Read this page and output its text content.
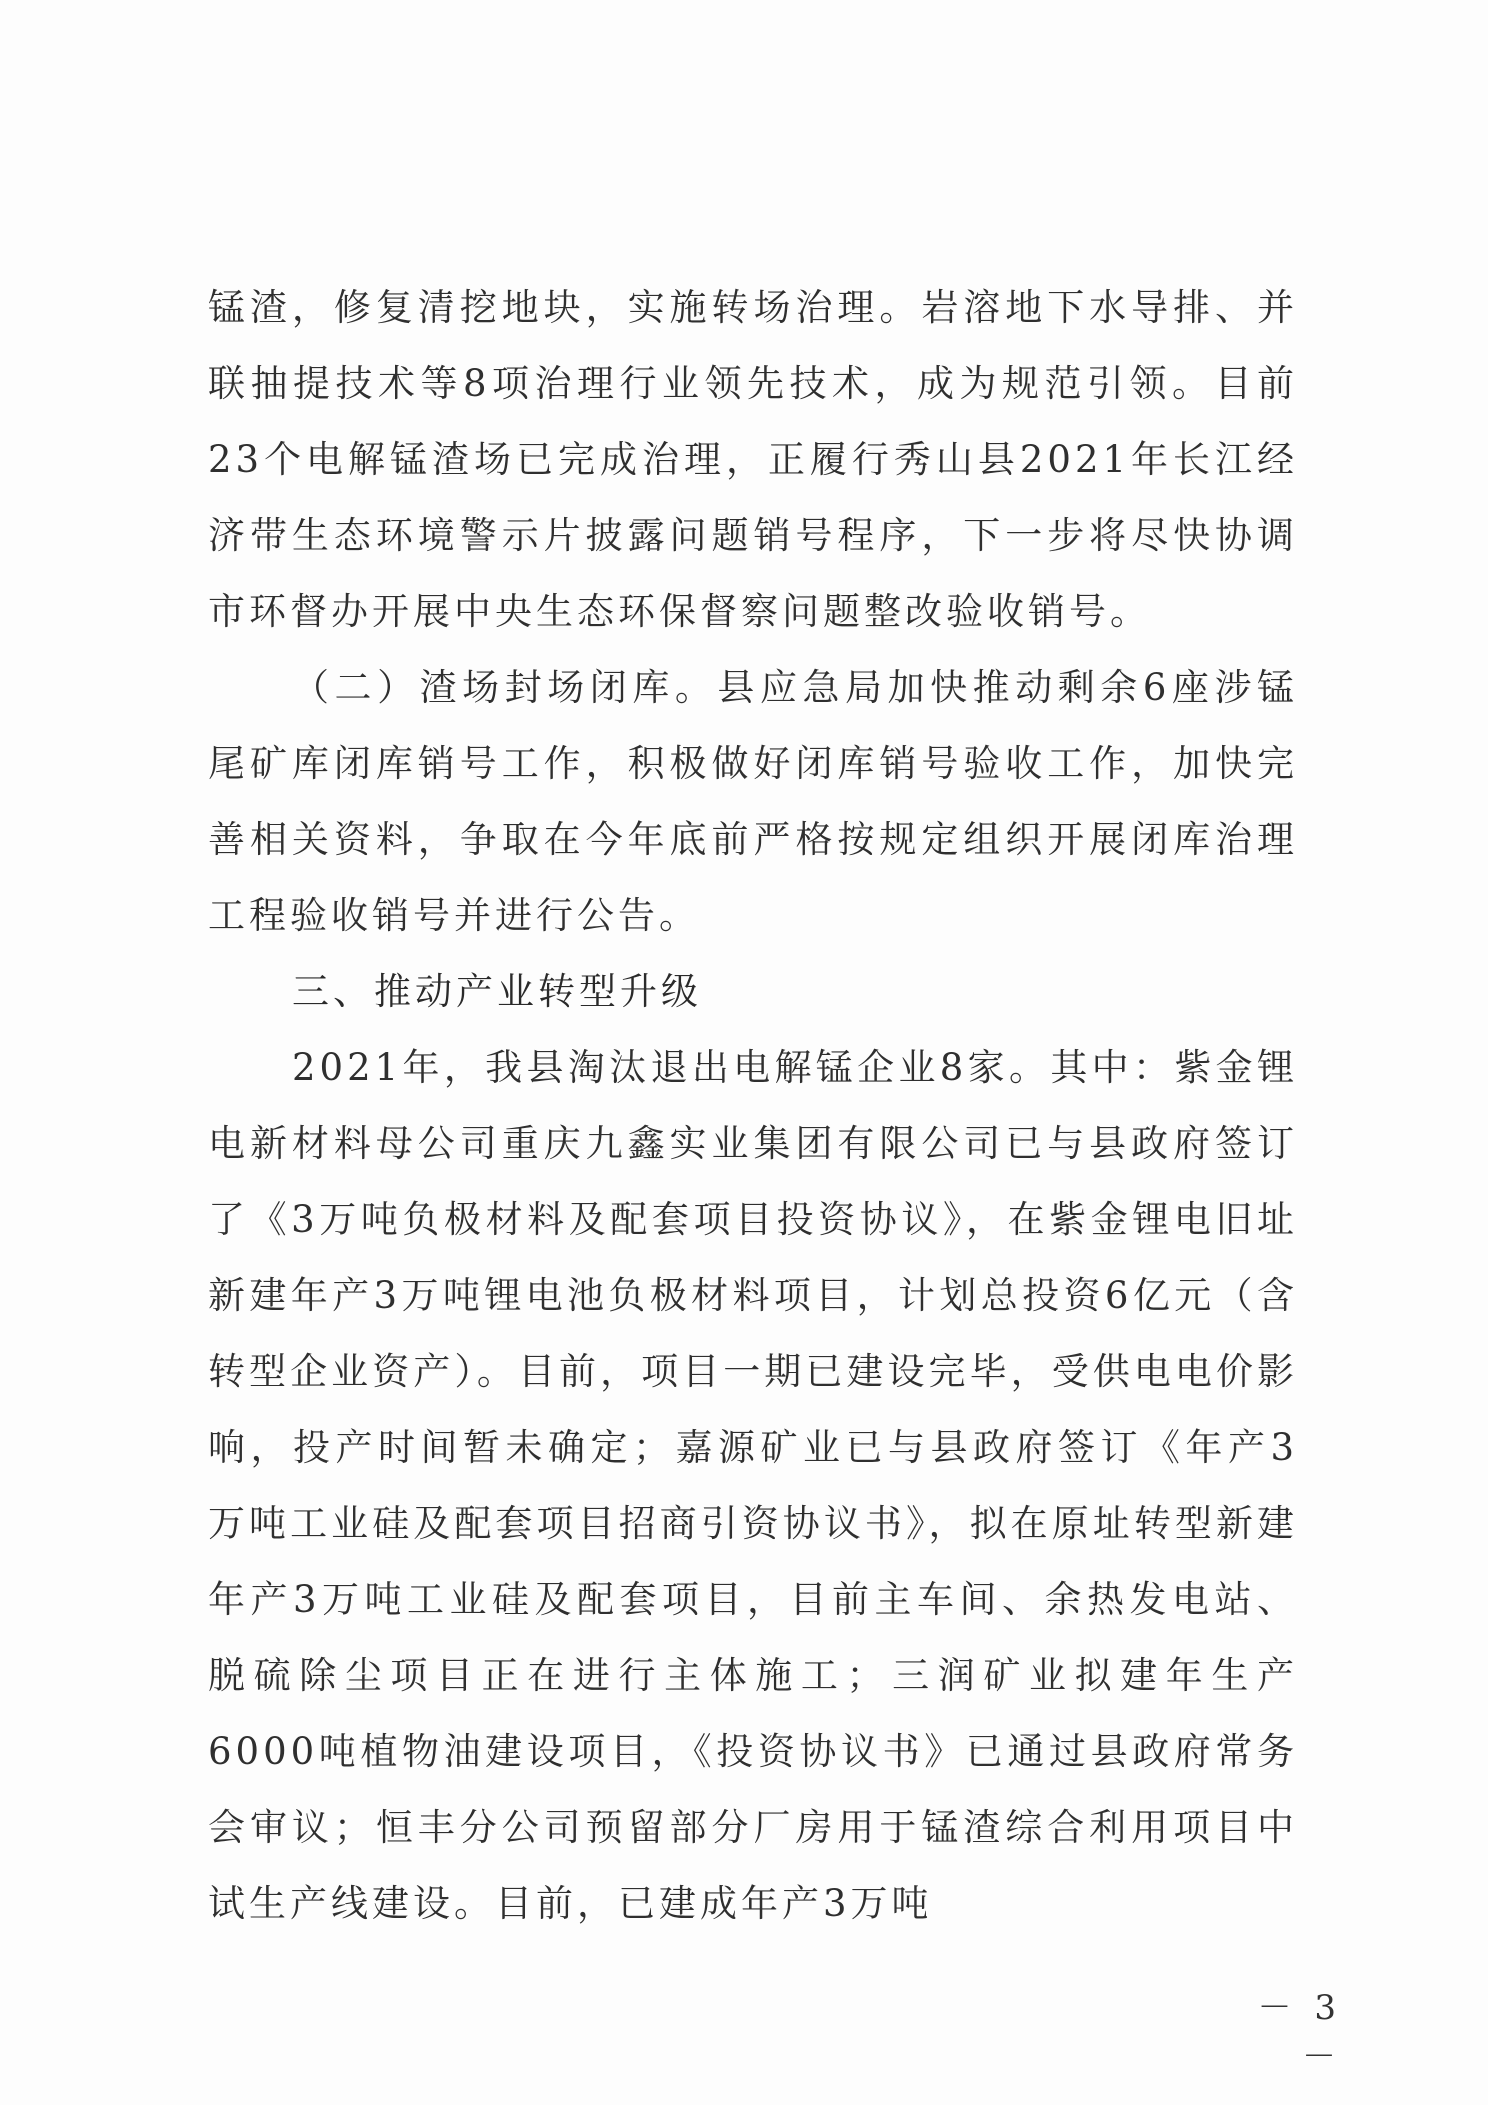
锰渣，修复清挖地块，实施转场治理。岩溶地下水导排、并联抽提技术等8项治理行业领先技术，成为规范引领。目前23个电解锰渣场已完成治理，正履行秀山县2021年长江经济带生态环境警示片披露问题销号程序，下一步将尽快协调市环督办开展中央生态环保督察问题整改验收销号。

（二）渣场封场闭库。县应急局加快推动剩余6座涉锰尾矿库闭库销号工作，积极做好闭库销号验收工作，加快完善相关资料，争取在今年底前严格按规定组织开展闭库治理工程验收销号并进行公告。

三、推动产业转型升级

2021年，我县淘汰退出电解锰企业8家。其中：紫金锂电新材料母公司重庆九鑫实业集团有限公司已与县政府签订了《3万吨负极材料及配套项目投资协议》，在紫金锂电旧址新建年产3万吨锂电池负极材料项目，计划总投资6亿元（含转型企业资产）。目前，项目一期已建设完毕，受供电电价影响，投产时间暂未确定；嘉源矿业已与县政府签订《年产3万吨工业硅及配套项目招商引资协议书》，拟在原址转型新建年产3万吨工业硅及配套项目，目前主车间、余热发电站、脱硫除尘项目正在进行主体施工；三润矿业拟建年生产6000吨植物油建设项目，《投资协议书》已通过县政府常务会审议；恒丰分公司预留部分厂房用于锰渣综合利用项目中试生产线建设。目前，已建成年产3万吨

－ 3 －
